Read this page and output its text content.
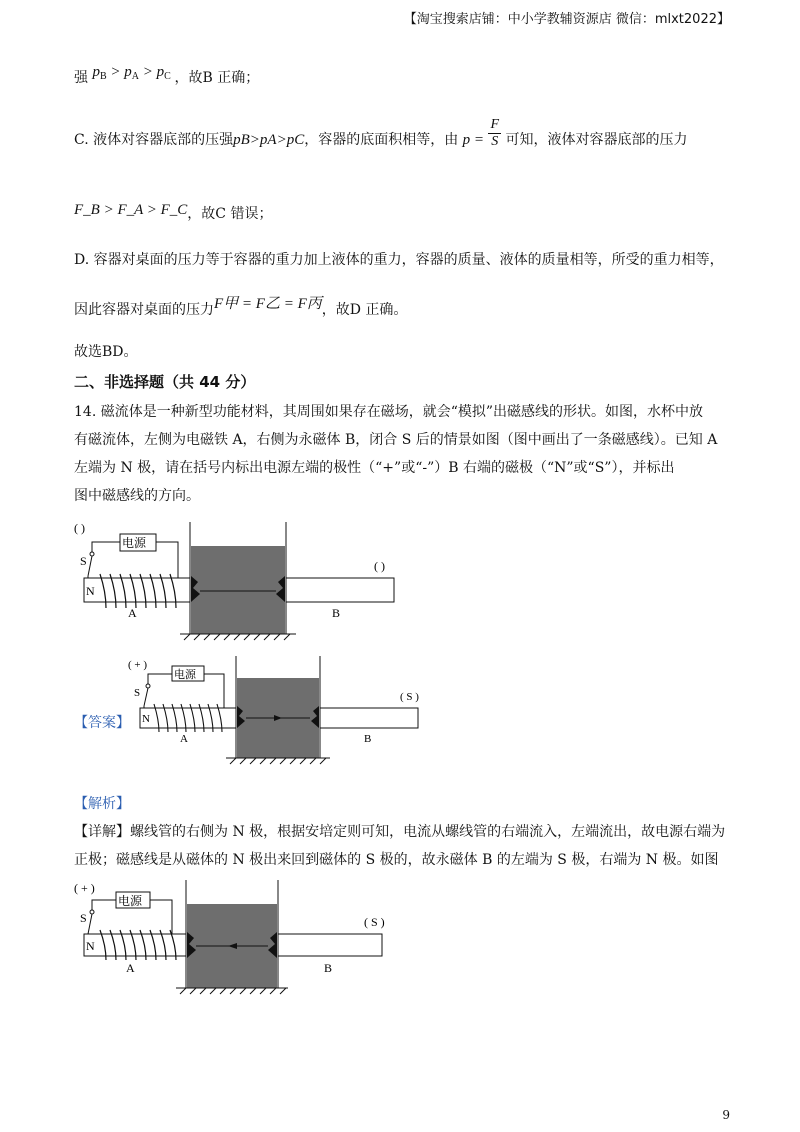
【淘宝搜索店铺：中小学教辅资源店 微信：mlxt2022】
强 $p_B > p_A > p_C$ ，故B 正确；
C. 液体对容器底部的压强pB>pA>pC，容器的底面积相等，由 $p = \frac{F}{S}$ 可知，液体对容器底部的压力
F_B > F_A > F_C，故C 错误；
D. 容器对桌面的压力等于容器的重力加上液体的重力，容器的质量、液体的质量相等，所受的重力相等，
因此容器对桌面的压力F甲 = F乙 = F丙，故D 正确。
故选BD。
二、非选择题（共 44 分）
14. 磁流体是一种新型功能材料，其周围如果存在磁场，就会“模拟”出磁感线的形状。如图，水杯中放
有磁流体，左侧为电磁铁 A，右侧为永磁体 B，闭合 S 后的情景如图（图中画出了一条磁感线）。已知 A
左端为 N 极，请在括号内标出电源左端的极性（“+”或“-”）B 右端的磁极（“N”或“S”），并标出
图中磁感线的方向。
( )
S
电源
N
A	B
( )
【答案】
( + )
S
电源
N
A	B
( S )
【解析】
【详解】螺线管的右侧为 N 极，根据安培定则可知，电流从螺线管的右端流入，左端流出，故电源右端为
正极；磁感线是从磁体的 N 极出来回到磁体的 S 极的，故永磁体 B 的左端为 S 极，右端为 N 极。如图
( + )
S
电源
N
A	B
( S )
9
